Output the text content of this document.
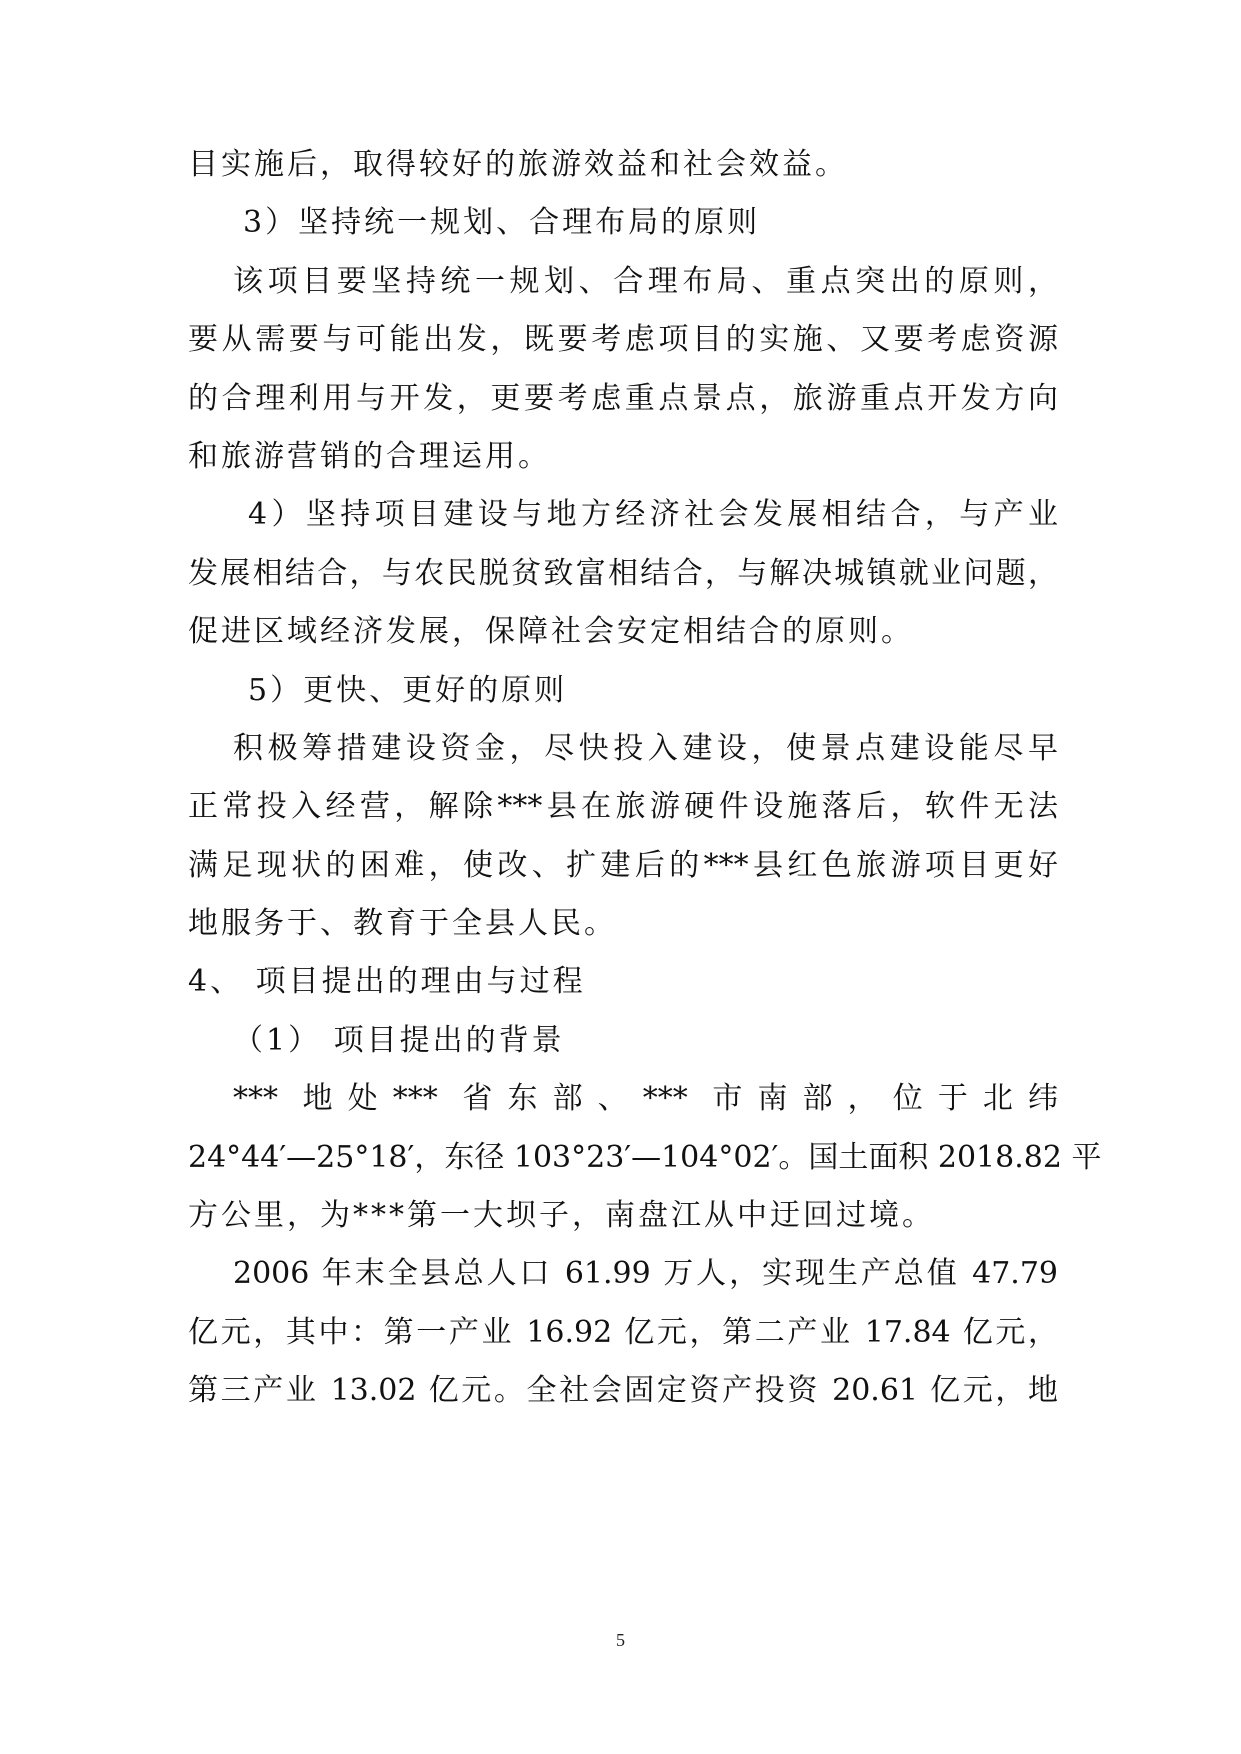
目实施后，取得较好的旅游效益和社会效益。
3）坚持统一规划、合理布局的原则
该项目要坚持统一规划、合理布局、重点突出的原则，
要从需要与可能出发，既要考虑项目的实施、又要考虑资源
的合理利用与开发，更要考虑重点景点，旅游重点开发方向
和旅游营销的合理运用。
4）坚持项目建设与地方经济社会发展相结合，与产业
发展相结合，与农民脱贫致富相结合，与解决城镇就业问题，
促进区域经济发展，保障社会安定相结合的原则。
5）更快、更好的原则
积极筹措建设资金，尽快投入建设，使景点建设能尽早
正常投入经营，解除***县在旅游硬件设施落后，软件无法
满足现状的困难，使改、扩建后的***县红色旅游项目更好
地服务于、教育于全县人民。
4、 项目提出的理由与过程
（1） 项目提出的背景
*** 地处*** 省东部、*** 市南部，位于北纬
24°44′—25°18′，东径 103°23′—104°02′。国土面积 2018.82 平
方公里，为***第一大坝子，南盘江从中迂回过境。
2006 年末全县总人口 61.99 万人，实现生产总值 47.79
亿元，其中：第一产业 16.92 亿元，第二产业 17.84 亿元，
第三产业 13.02 亿元。全社会固定资产投资 20.61 亿元，地
5
